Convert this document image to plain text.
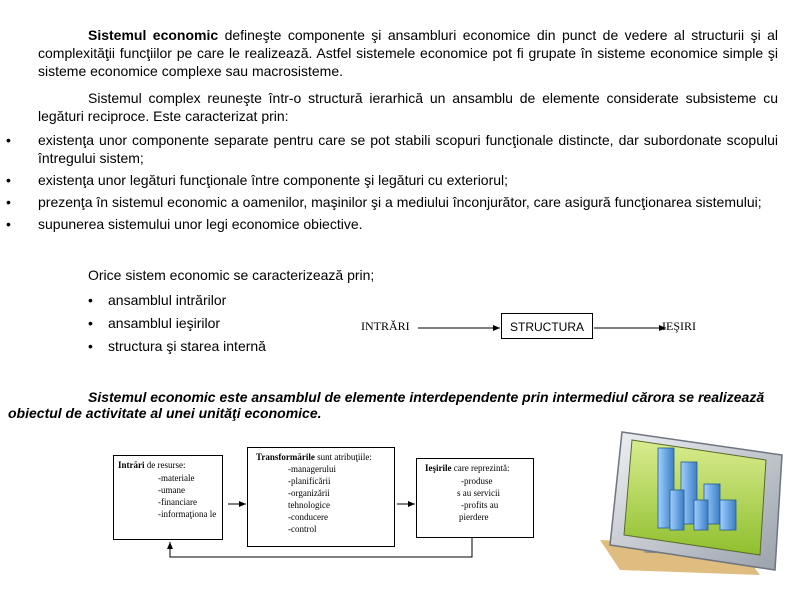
Sistemul economic defineşte componente şi ansambluri economice din punct de vedere al structurii şi al complexităţii funcţiilor pe care le realizează. Astfel sistemele economice pot fi grupate în sisteme economice simple şi sisteme economice complexe sau macrosisteme.

Sistemul complex reuneşte într-o structură ierarhică un ansamblu de elemente considerate subsisteme cu legături reciproce. Este caracterizat prin:

• existenţa unor componente separate pentru care se pot stabili scopuri funcţionale distincte, dar subordonate scopului întregului sistem;
• existenţa unor legături funcţionale între componente şi legături cu exteriorul;
• prezenţa în sistemul economic a oamenilor, maşinilor şi a mediului înconjurător, care asigură funcţionarea sistemului;
• supunerea sistemului unor legi economice obiective.
Orice sistem economic se caracterizează prin;
• ansamblul intrărilor
• ansamblul ieşirilor
• structura şi starea internă
INTRĂRI	STRUCTURA	IEŞIRI

Sistemul economic este ansamblul de elemente interdependente prin intermediul cărora se realizează obiectul de activitate al unei unităţi economice.

Intrări de resurse:
-materiale
-umane
-financiare
-informaţiona le
Transformările sunt atribuţiile:
-managerului
-planificării
-organizării tehnologice
-conducere
-control
Ieşirile care reprezintă:
-produse
s au servicii
-profits au
pierdere
